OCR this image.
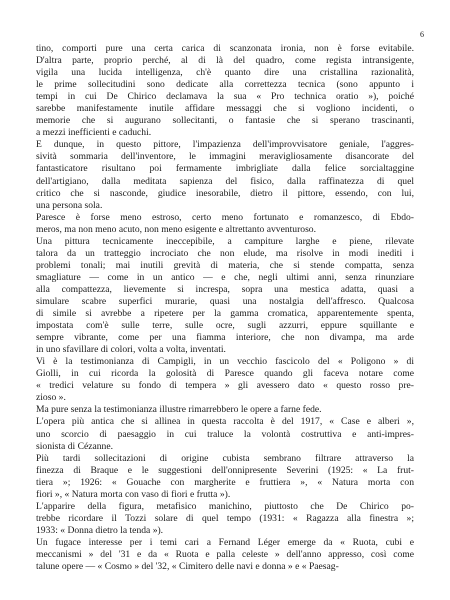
6
tino, comporti pure una certa carica di scanzonata ironia, non è forse evitabile.
D'altra parte, proprio perché, al di là del quadro, come regista intransigente,
vigila una lucida intelligenza, ch'è quanto dire una cristallina razionalità,
le prime sollecitudini sono dedicate alla correttezza tecnica (sono appunto i
tempi in cui De Chirico declamava la sua « Pro technica oratio »), poiché
sarebbe manifestamente inutile affidare messaggi che si vogliono incidenti, o
memorie che si augurano sollecitanti, o fantasie che si sperano trascinanti,
a mezzi inefficienti e caduchi.
E dunque, in questo pittore, l'impazienza dell'improvvisatore geniale, l'aggres-
sività sommaria dell'inventore, le immagini meravigliosamente disancorate del
fantasticatore risultano poi fermamente imbrigliate dalla felice sorcialtaggine
dell'artigiano, dalla meditata sapienza del fisico, dalla raffinatezza di quel
critico che si nasconde, giudice inesorabile, dietro il pittore, essendo, con lui,
una persona sola.
Paresce è forse meno estroso, certo meno fortunato e romanzesco, di Ebdo-
meros, ma non meno acuto, non meno esigente e altrettanto avventuroso.
Una pittura tecnicamente ineccepibile, a campiture larghe e piene, rilevate
talora da un tratteggio incrociato che non elude, ma risolve in modi inediti i
problemi tonali; mai inutili grevità di materia, che si stende compatta, senza
smagliature — come in un antico — e che, negli ultimi anni, senza rinunziare
alla compattezza, lievemente si increspa, sopra una mestica adatta, quasi a
simulare scabre superfici murarie, quasi una nostalgia dell'affresco. Qualcosa
di simile si avrebbe a ripetere per la gamma cromatica, apparentemente spenta,
impostata com'è sulle terre, sulle ocre, sugli azzurri, eppure squillante e
sempre vibrante, come per una fiamma interiore, che non divampa, ma arde
in uno sfavillare di colori, volta a volta, inventati.
Vi è la testimonianza di Campigli, in un vecchio fascicolo del « Poligono » di
Giolli, in cui ricorda la golosità di Paresce quando gli faceva notare come
« tredici velature su fondo di tempera » gli avessero dato « questo rosso pre-
zioso ».
Ma pure senza la testimonianza illustre rimarrebbero le opere a farne fede.
L'opera più antica che si allinea in questa raccolta è del 1917, « Case e alberi »,
uno scorcio di paesaggio in cui traluce la volontà costruttiva e anti-impres-
sionista di Cézanne.
Più tardi sollecitazioni di origine cubista sembrano filtrare attraverso la
finezza di Braque e le suggestioni dell'onnipresente Severini (1925: « La frut-
tiera »; 1926: « Gouache con margherite e fruttiera », « Natura morta con
fiori », « Natura morta con vaso di fiori e frutta »).
L'apparire della figura, metafisico manichino, piuttosto che De Chirico po-
trebbe ricordare il Tozzi solare di quel tempo (1931: « Ragazza alla finestra »;
1933: « Donna dietro la tenda »).
Un fugace interesse per i temi cari a Fernand Léger emerge da « Ruota, cubi e
meccanismi » del '31 e da « Ruota e palla celeste » dell'anno appresso, così come
talune opere — « Cosmo » del '32, « Cimitero delle navi e donna » e « Paesag-
